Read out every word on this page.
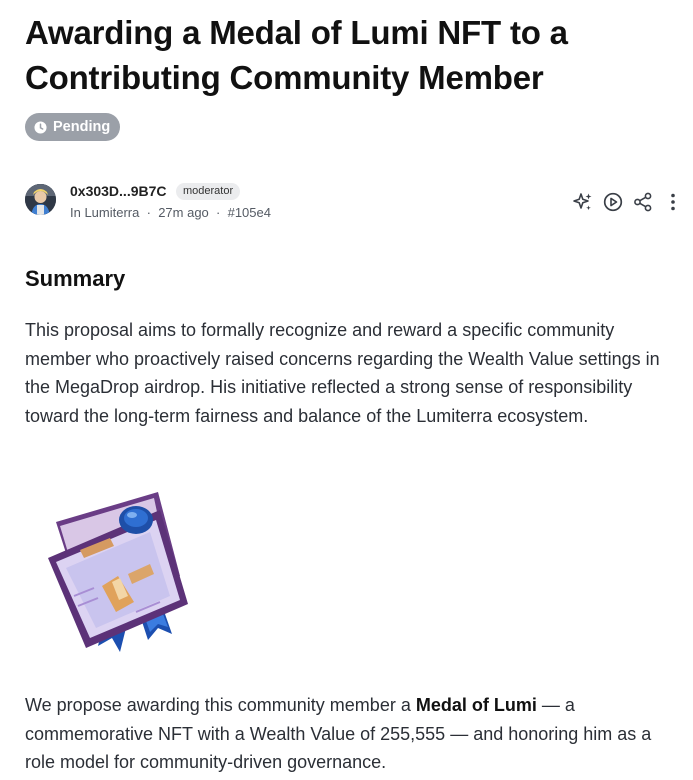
Awarding a Medal of Lumi NFT to a Contributing Community Member
Pending
0x303D...9B7C	moderator
In Lumiterra  ·  27m ago  ·  #105e4
Summary

This proposal aims to formally recognize and reward a specific community member who proactively raised concerns regarding the Wealth Value settings in the MegaDrop airdrop. His initiative reflected a strong sense of responsibility toward the long-term fairness and balance of the Lumiterra ecosystem.

We propose awarding this community member a Medal of Lumi — a commemorative NFT with a Wealth Value of 255,555 — and honoring him as a role model for community-driven governance.
